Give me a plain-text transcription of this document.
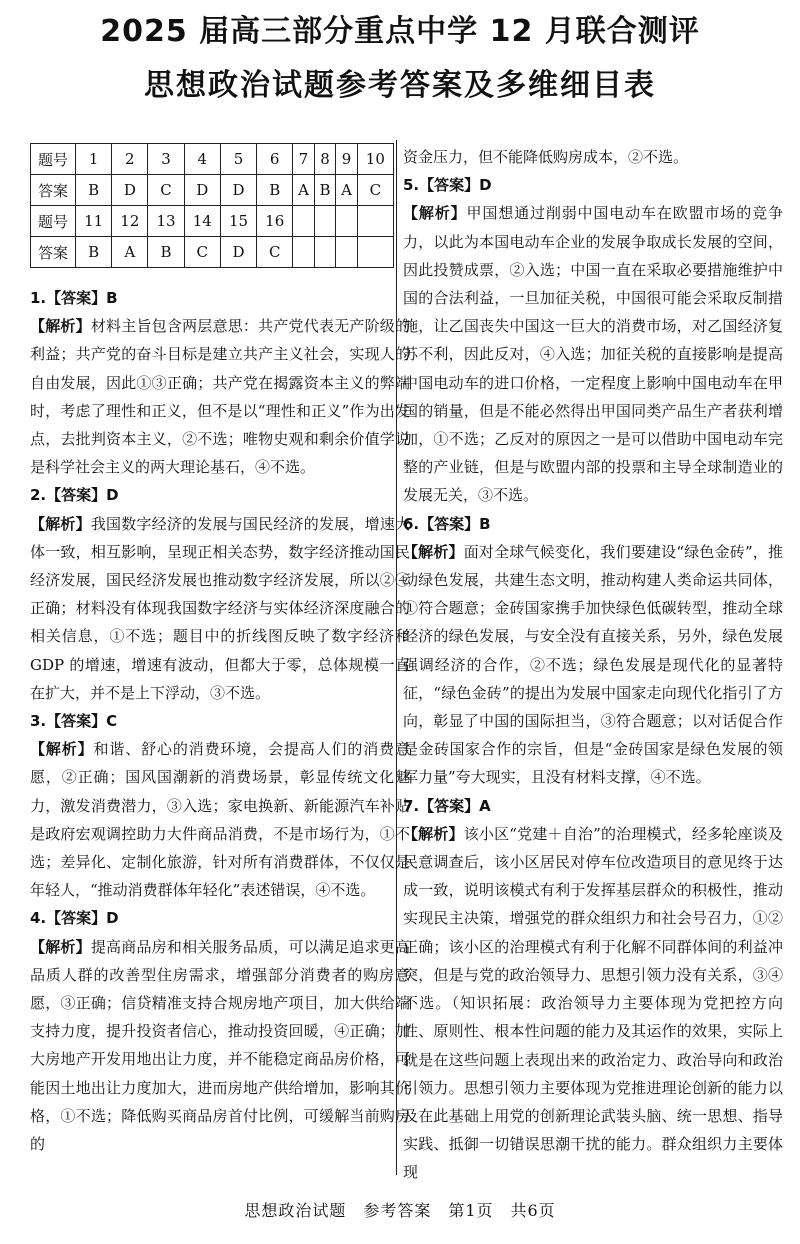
2025 届高三部分重点中学 12 月联合测评
思想政治试题参考答案及多维细目表
题号	1	2	3	4	5	6	7	8	9	10
答案	B	D	C	D	D	B	A	B	A	C
题号	11	12	13	14	15	16				
答案	B	A	B	C	D	C				
1.【答案】B
【解析】材料主旨包含两层意思：共产党代表无产阶级的利益；共产党的奋斗目标是建立共产主义社会，实现人的自由发展，因此①③正确；共产党在揭露资本主义的弊端时，考虑了理性和正义，但不是以“理性和正义”作为出发点，去批判资本主义，②不选；唯物史观和剩余价值学说是科学社会主义的两大理论基石，④不选。
2.【答案】D
【解析】我国数字经济的发展与国民经济的发展，增速大体一致，相互影响，呈现正相关态势，数字经济推动国民经济发展，国民经济发展也推动数字经济发展，所以②④正确；材料没有体现我国数字经济与实体经济深度融合的相关信息，①不选；题目中的折线图反映了数字经济和 GDP 的增速，增速有波动，但都大于零，总体规模一直在扩大，并不是上下浮动，③不选。
3.【答案】C
【解析】和谐、舒心的消费环境，会提高人们的消费意愿，②正确；国风国潮新的消费场景，彰显传统文化魅力，激发消费潜力，③入选；家电换新、新能源汽车补贴是政府宏观调控助力大件商品消费，不是市场行为，①不选；差异化、定制化旅游，针对所有消费群体，不仅仅是年轻人，“推动消费群体年轻化”表述错误，④不选。
4.【答案】D
【解析】提高商品房和相关服务品质，可以满足追求更高品质人群的改善型住房需求，增强部分消费者的购房意愿，③正确；信贷精准支持合规房地产项目，加大供给端支持力度，提升投资者信心，推动投资回暖，④正确；加大房地产开发用地出让力度，并不能稳定商品房价格，可能因土地出让力度加大，进而房地产供给增加，影响其价格，①不选；降低购买商品房首付比例，可缓解当前购房的
资金压力，但不能降低购房成本，②不选。
5.【答案】D
【解析】甲国想通过削弱中国电动车在欧盟市场的竞争力，以此为本国电动车企业的发展争取成长发展的空间，因此投赞成票，②入选；中国一直在采取必要措施维护中国的合法利益，一旦加征关税，中国很可能会采取反制措施，让乙国丧失中国这一巨大的消费市场，对乙国经济复苏不利，因此反对，④入选；加征关税的直接影响是提高中国电动车的进口价格，一定程度上影响中国电动车在甲国的销量，但是不能必然得出甲国同类产品生产者获利增加，①不选；乙反对的原因之一是可以借助中国电动车完整的产业链，但是与欧盟内部的投票和主导全球制造业的发展无关，③不选。
6.【答案】B
【解析】面对全球气候变化，我们要建设“绿色金砖”，推动绿色发展，共建生态文明，推动构建人类命运共同体，①符合题意；金砖国家携手加快绿色低碳转型，推动全球经济的绿色发展，与安全没有直接关系，另外，绿色发展强调经济的合作，②不选；绿色发展是现代化的显著特征，“绿色金砖”的提出为发展中国家走向现代化指引了方向，彰显了中国的国际担当，③符合题意；以对话促合作是金砖国家合作的宗旨，但是“金砖国家是绿色发展的领军力量”夸大现实，且没有材料支撑，④不选。
7.【答案】A
【解析】该小区“党建＋自治”的治理模式，经多轮座谈及民意调查后，该小区居民对停车位改造项目的意见终于达成一致，说明该模式有利于发挥基层群众的积极性，推动实现民主决策，增强党的群众组织力和社会号召力，①②正确；该小区的治理模式有利于化解不同群体间的利益冲突，但是与党的政治领导力、思想引领力没有关系，③④不选。（知识拓展：政治领导力主要体现为党把控方向性、原则性、根本性问题的能力及其运作的效果，实际上就是在这些问题上表现出来的政治定力、政治导向和政治引领力。思想引领力主要体现为党推进理论创新的能力以及在此基础上用党的创新理论武装头脑、统一思想、指导实践、抵御一切错误思潮干扰的能力。群众组织力主要体现
思想政治试题　参考答案　第1页　共6页
